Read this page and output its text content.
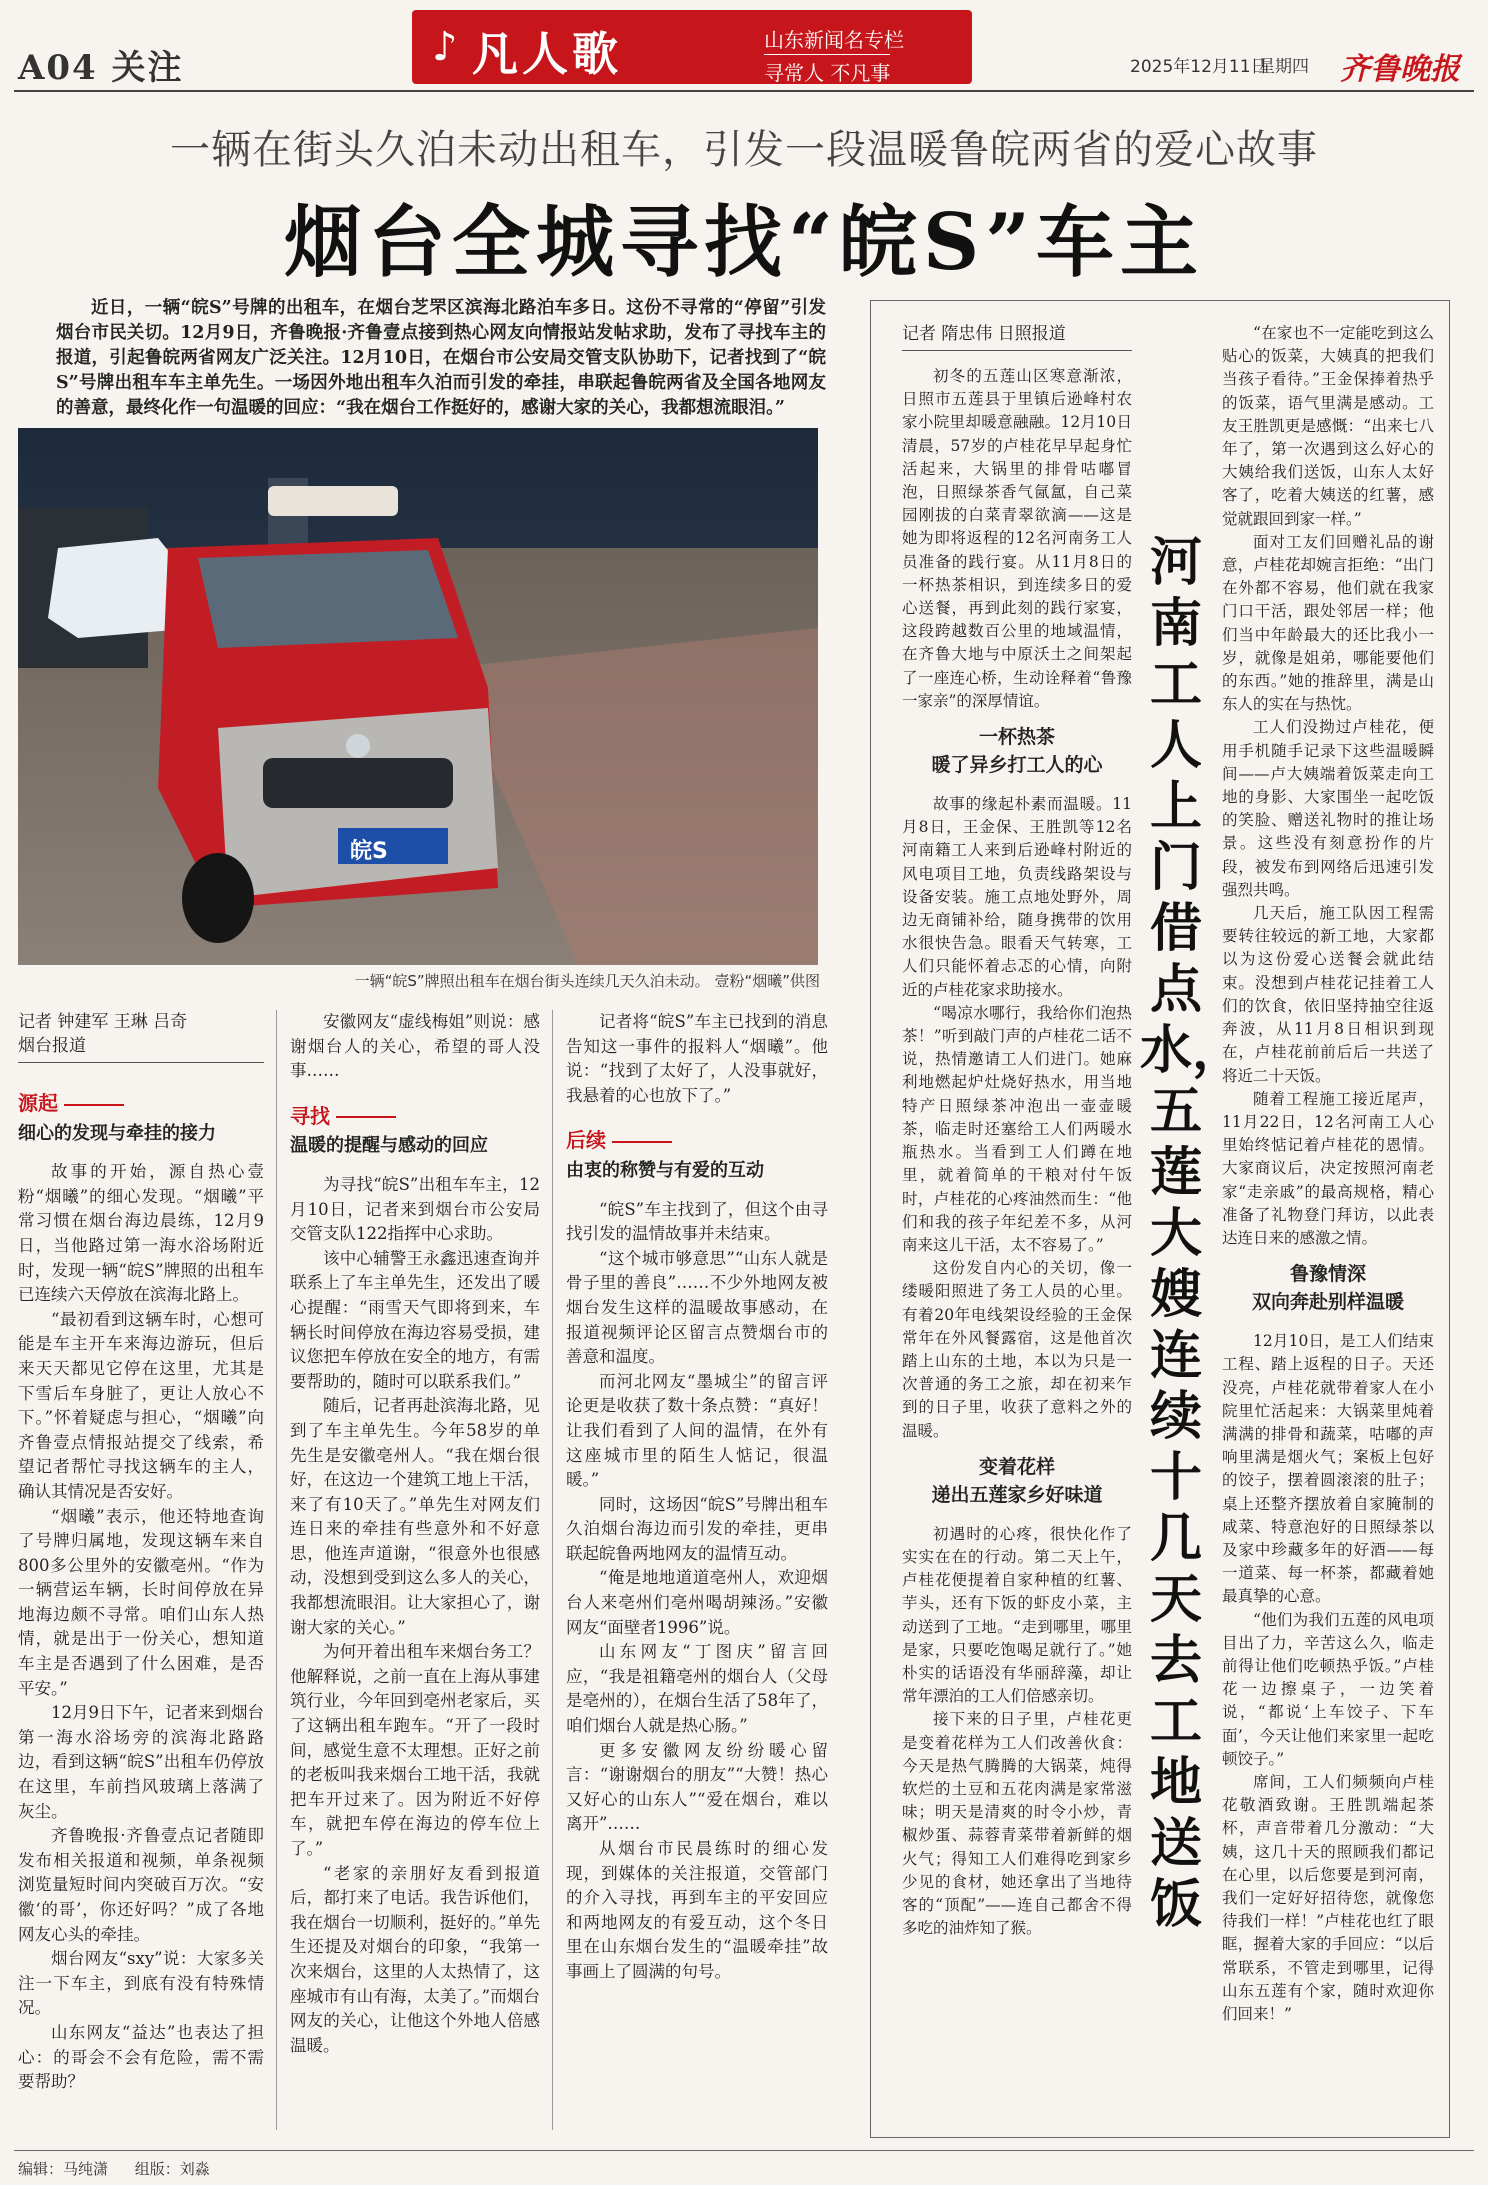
A04 关注	♪ 凡人歌	山东新闻名专栏
寻常人 不凡事	2025年12月11日
星期四 齐鲁晚报
一辆在街头久泊未动出租车，引发一段温暖鲁皖两省的爱心故事
烟台全城寻找“皖S”车主
近日，一辆“皖S”号牌的出租车，在烟台芝罘区滨海北路泊车多日。这份不寻常的“停留”引发烟台市民关切。12月9日，齐鲁晚报·齐鲁壹点接到热心网友向情报站发帖求助，发布了寻找车主的报道，引起鲁皖两省网友广泛关注。12月10日，在烟台市公安局交管支队协助下，记者找到了“皖S”号牌出租车车主单先生。一场因外地出租车久泊而引发的牵挂，串联起鲁皖两省及全国各地网友的善意，最终化作一句温暖的回应：“我在烟台工作挺好的，感谢大家的关心，我都想流眼泪。”
皖S
一辆“皖S”牌照出租车在烟台街头连续几天久泊未动。 壹粉“烟曦”供图
记者 钟建军 王琳 吕奇
烟台报道
源起
细心的发现与牵挂的接力

故事的开始，源自热心壹粉“烟曦”的细心发现。“烟曦”平常习惯在烟台海边晨练，12月9日，当他路过第一海水浴场附近时，发现一辆“皖S”牌照的出租车已连续六天停放在滨海北路上。

“最初看到这辆车时，心想可能是车主开车来海边游玩，但后来天天都见它停在这里，尤其是下雪后车身脏了，更让人放心不下。”怀着疑虑与担心，“烟曦”向齐鲁壹点情报站提交了线索，希望记者帮忙寻找这辆车的主人，确认其情况是否安好。

“烟曦”表示，他还特地查询了号牌归属地，发现这辆车来自800多公里外的安徽亳州。“作为一辆营运车辆，长时间停放在异地海边颇不寻常。咱们山东人热情，就是出于一份关心，想知道车主是否遇到了什么困难，是否平安。”

12月9日下午，记者来到烟台第一海水浴场旁的滨海北路路边，看到这辆“皖S”出租车仍停放在这里，车前挡风玻璃上落满了灰尘。

齐鲁晚报·齐鲁壹点记者随即发布相关报道和视频，单条视频浏览量短时间内突破百万次。“安徽‘的哥’，你还好吗？”成了各地网友心头的牵挂。

烟台网友“sxy”说：大家多关注一下车主，到底有没有特殊情况。

山东网友“益达”也表达了担心：的哥会不会有危险，需不需要帮助？

安徽网友“虚线梅姐”则说：感谢烟台人的关心，希望的哥人没事……

寻找
温暖的提醒与感动的回应

为寻找“皖S”出租车车主，12月10日，记者来到烟台市公安局交管支队122指挥中心求助。

该中心辅警王永鑫迅速查询并联系上了车主单先生，还发出了暖心提醒：“雨雪天气即将到来，车辆长时间停放在海边容易受损，建议您把车停放在安全的地方，有需要帮助的，随时可以联系我们。”

随后，记者再赴滨海北路，见到了车主单先生。今年58岁的单先生是安徽亳州人。“我在烟台很好，在这边一个建筑工地上干活，来了有10天了。”单先生对网友们连日来的牵挂有些意外和不好意思，他连声道谢，“很意外也很感动，没想到受到这么多人的关心，我都想流眼泪。让大家担心了，谢谢大家的关心。”

为何开着出租车来烟台务工？他解释说，之前一直在上海从事建筑行业，今年回到亳州老家后，买了这辆出租车跑车。“开了一段时间，感觉生意不太理想。正好之前的老板叫我来烟台工地干活，我就把车开过来了。因为附近不好停车，就把车停在海边的停车位上了。”

“老家的亲朋好友看到报道后，都打来了电话。我告诉他们，我在烟台一切顺利，挺好的。”单先生还提及对烟台的印象，“我第一次来烟台，这里的人太热情了，这座城市有山有海，太美了。”而烟台网友的关心，让他这个外地人倍感温暖。

记者将“皖S”车主已找到的消息告知这一事件的报料人“烟曦”。他说：“找到了太好了，人没事就好，我悬着的心也放下了。”

后续
由衷的称赞与有爱的互动

“皖S”车主找到了，但这个由寻找引发的温情故事并未结束。

“这个城市够意思”“山东人就是骨子里的善良”……不少外地网友被烟台发生这样的温暖故事感动，在报道视频评论区留言点赞烟台市的善意和温度。

而河北网友“墨城尘”的留言评论更是收获了数十条点赞：“真好！让我们看到了人间的温情，在外有这座城市里的陌生人惦记，很温暖。”

同时，这场因“皖S”号牌出租车久泊烟台海边而引发的牵挂，更串联起皖鲁两地网友的温情互动。

“俺是地地道道亳州人，欢迎烟台人来亳州们亳州喝胡辣汤。”安徽网友“面壁者1996”说。

山东网友“丁图庆”留言回应，“我是祖籍亳州的烟台人（父母是亳州的），在烟台生活了58年了，咱们烟台人就是热心肠。”

更多安徽网友纷纷暖心留言：“谢谢烟台的朋友”“大赞！热心又好心的山东人”“爱在烟台，难以离开”……

从烟台市民晨练时的细心发现，到媒体的关注报道，交管部门的介入寻找，再到车主的平安回应和两地网友的有爱互动，这个冬日里在山东烟台发生的“温暖牵挂”故事画上了圆满的句号。

记者 隋忠伟 日照报道

初冬的五莲山区寒意渐浓，日照市五莲县于里镇后逊峰村农家小院里却暖意融融。12月10日清晨，57岁的卢桂花早早起身忙活起来，大锅里的排骨咕嘟冒泡，日照绿茶香气氤氲，自己菜园刚拔的白菜青翠欲滴——这是她为即将返程的12名河南务工人员准备的践行宴。从11月8日的一杯热茶相识，到连续多日的爱心送餐，再到此刻的践行家宴，这段跨越数百公里的地域温情，在齐鲁大地与中原沃土之间架起了一座连心桥，生动诠释着“鲁豫一家亲”的深厚情谊。

一杯热茶
暖了异乡打工人的心

故事的缘起朴素而温暖。11月8日，王金保、王胜凯等12名河南籍工人来到后逊峰村附近的风电项目工地，负责线路架设与设备安装。施工点地处野外，周边无商铺补给，随身携带的饮用水很快告急。眼看天气转寒，工人们只能怀着忐忑的心情，向附近的卢桂花家求助接水。

“喝凉水哪行，我给你们泡热茶！”听到敲门声的卢桂花二话不说，热情邀请工人们进门。她麻利地燃起炉灶烧好热水，用当地特产日照绿茶冲泡出一壶壶暖茶，临走时还塞给工人们两暖水瓶热水。当看到工人们蹲在地里，就着简单的干粮对付午饭时，卢桂花的心疼油然而生：“他们和我的孩子年纪差不多，从河南来这儿干活，太不容易了。”

这份发自内心的关切，像一缕暖阳照进了务工人员的心里。有着20年电线架设经验的王金保常年在外风餐露宿，这是他首次踏上山东的土地，本以为只是一次普通的务工之旅，却在初来乍到的日子里，收获了意料之外的温暖。

变着花样
递出五莲家乡好味道

初遇时的心疼，很快化作了实实在在的行动。第二天上午，卢桂花便提着自家种植的红薯、芋头，还有下饭的虾皮小菜，主动送到了工地。“走到哪里，哪里是家，只要吃饱喝足就行了。”她朴实的话语没有华丽辞藻，却让常年漂泊的工人们倍感亲切。

接下来的日子里，卢桂花更是变着花样为工人们改善伙食：今天是热气腾腾的大锅菜，炖得软烂的土豆和五花肉满是家常滋味；明天是清爽的时令小炒，青椒炒蛋、蒜蓉青菜带着新鲜的烟火气；得知工人们难得吃到家乡少见的食材，她还拿出了当地待客的“顶配”——连自己都舍不得多吃的油炸知了猴。

河南工人上门借点水，五莲大嫂连续十几天去工地送饭

“在家也不一定能吃到这么贴心的饭菜，大姨真的把我们当孩子看待。”王金保捧着热乎的饭菜，语气里满是感动。工友王胜凯更是感慨：“出来七八年了，第一次遇到这么好心的大姨给我们送饭，山东人太好客了，吃着大姨送的红薯，感觉就跟回到家一样。”

面对工友们回赠礼品的谢意，卢桂花却婉言拒绝：“出门在外都不容易，他们就在我家门口干活，跟处邻居一样；他们当中年龄最大的还比我小一岁，就像是姐弟，哪能要他们的东西。”她的推辞里，满是山东人的实在与热忱。

工人们没拗过卢桂花，便用手机随手记录下这些温暖瞬间——卢大姨端着饭菜走向工地的身影、大家围坐一起吃饭的笑脸、赠送礼物时的推让场景。这些没有刻意扮作的片段，被发布到网络后迅速引发强烈共鸣。

几天后，施工队因工程需要转往较远的新工地，大家都以为这份爱心送餐会就此结束。没想到卢桂花记挂着工人们的饮食，依旧坚持抽空往返奔波，从11月8日相识到现在，卢桂花前前后后一共送了将近二十天饭。

随着工程施工接近尾声，11月22日，12名河南工人心里始终惦记着卢桂花的恩情。大家商议后，决定按照河南老家“走亲戚”的最高规格，精心准备了礼物登门拜访，以此表达连日来的感激之情。

鲁豫情深
双向奔赴别样温暖

12月10日，是工人们结束工程、踏上返程的日子。天还没亮，卢桂花就带着家人在小院里忙活起来：大锅菜里炖着满满的排骨和蔬菜，咕嘟的声响里满是烟火气；案板上包好的饺子，摆着圆滚滚的肚子；桌上还整齐摆放着自家腌制的咸菜、特意泡好的日照绿茶以及家中珍藏多年的好酒——每一道菜、每一杯茶，都藏着她最真挚的心意。

“他们为我们五莲的风电项目出了力，辛苦这么久，临走前得让他们吃顿热乎饭。”卢桂花一边擦桌子，一边笑着说，“都说‘上车饺子、下车面’，今天让他们来家里一起吃顿饺子。”

席间，工人们频频向卢桂花敬酒致谢。王胜凯端起茶杯，声音带着几分激动：“大姨，这几十天的照顾我们都记在心里，以后您要是到河南，我们一定好好招待您，就像您待我们一样！”卢桂花也红了眼眶，握着大家的手回应：“以后常联系，不管走到哪里，记得山东五莲有个家，随时欢迎你们回来！”

编辑：马纯潇 组版：刘淼
